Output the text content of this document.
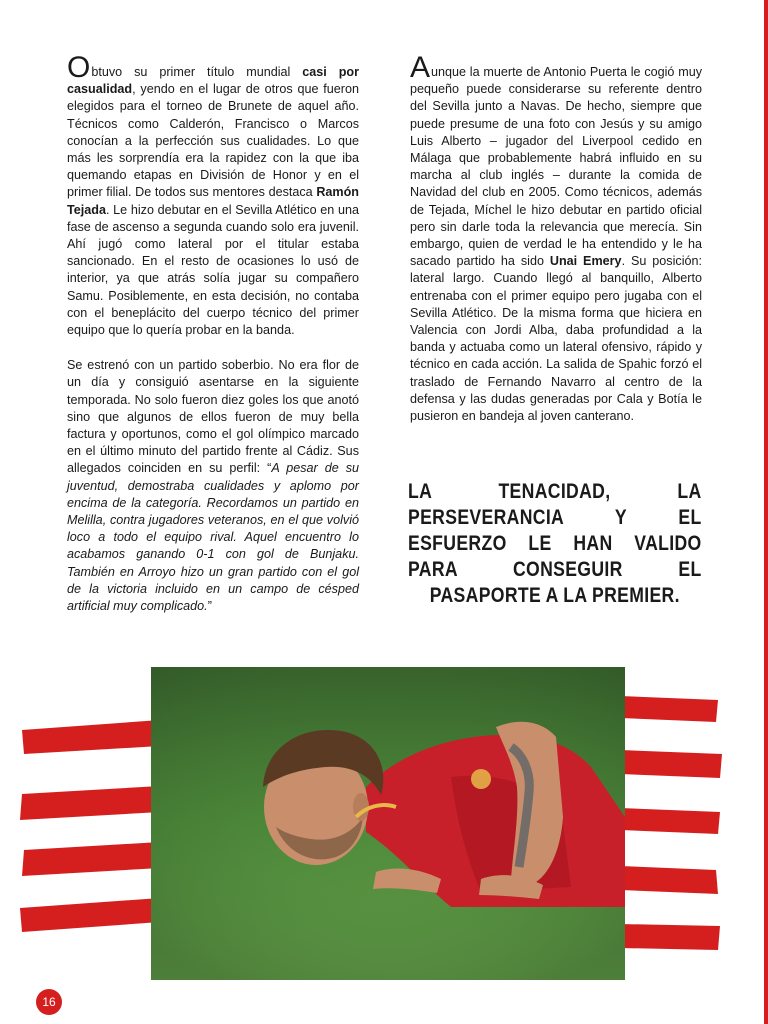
Obtuvo su primer título mundial casi por casualidad, yendo en el lugar de otros que fueron elegidos para el torneo de Brunete de aquel año. Técnicos como Calderón, Francisco o Marcos conocían a la perfección sus cualidades. Lo que más les sorprendía era la rapidez con la que iba quemando etapas en División de Honor y en el primer filial. De todos sus mentores destaca Ramón Tejada. Le hizo debutar en el Sevilla Atlético en una fase de ascenso a segunda cuando solo era juvenil. Ahí jugó como lateral por el titular estaba sancionado. En el resto de ocasiones lo usó de interior, ya que atrás solía jugar su compañero Samu. Posiblemente, en esta decisión, no contaba con el beneplácito del cuerpo técnico del primer equipo que lo quería probar en la banda.

Se estrenó con un partido soberbio. No era flor de un día y consiguió asentarse en la siguiente temporada. No solo fueron diez goles los que anotó sino que algunos de ellos fueron de muy bella factura y oportunos, como el gol olímpico marcado en el último minuto del partido frente al Cádiz. Sus allegados coinciden en su perfil: “A pesar de su juventud, demostraba cualidades y aplomo por encima de la categoría. Recordamos un partido en Melilla, contra jugadores veteranos, en el que volvió loco a todo el equipo rival. Aquel encuentro lo acabamos ganando 0-1 con gol de Bunjaku. También en Arroyo hizo un gran partido con el gol de la victoria incluido en un campo de césped artificial muy complicado.”

Aunque la muerte de Antonio Puerta le cogió muy pequeño puede considerarse su referente dentro del Sevilla junto a Navas. De hecho, siempre que puede presume de una foto con Jesús y su amigo Luis Alberto – jugador del Liverpool cedido en Málaga que probablemente habrá influido en su marcha al club inglés – durante la comida de Navidad del club en 2005. Como técnicos, además de Tejada, Míchel le hizo debutar en partido oficial pero sin darle toda la relevancia que merecía. Sin embargo, quien de verdad le ha entendido y le ha sacado partido ha sido Unai Emery. Su posición: lateral largo. Cuando llegó al banquillo, Alberto entrenaba con el primer equipo pero jugaba con el Sevilla Atlético. De la misma forma que hiciera en Valencia con Jordi Alba, daba profundidad a la banda y actuaba como un lateral ofensivo, rápido y técnico en cada acción. La salida de Spahic forzó el traslado de Fernando Navarro al centro de la defensa y las dudas generadas por Cala y Botía le pusieron en bandeja al joven canterano.

LA TENACIDAD, LA PERSEVERANCIA Y EL ESFUERZO LE HAN VALIDO PARA CONSEGUIR EL PASAPORTE A LA PREMIER.
16
